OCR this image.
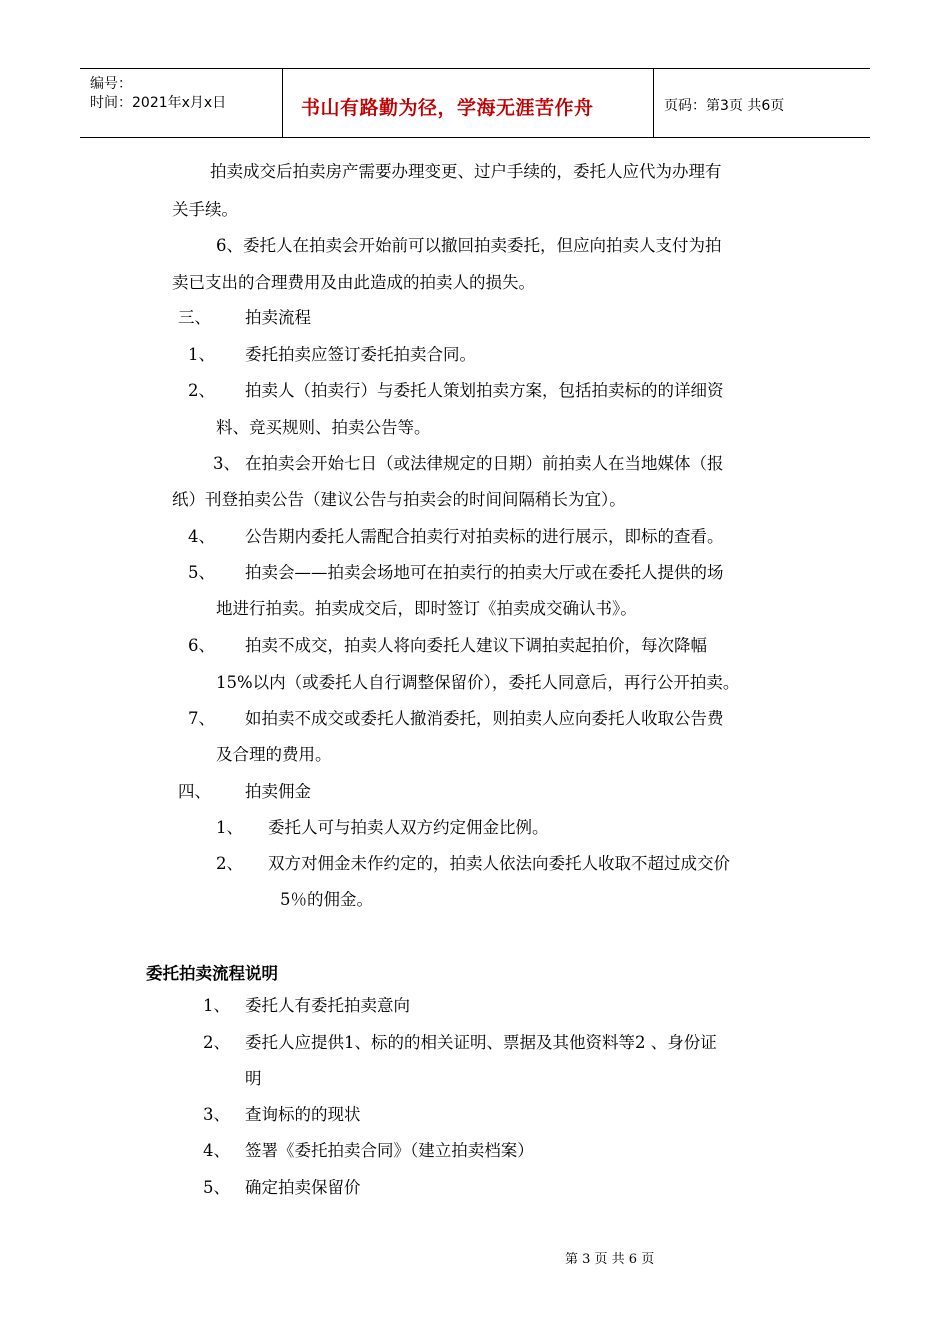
编号：
时间：2021年x月x日	书山有路勤为径，学海无涯苦作舟	页码：第3页 共6页
拍卖成交后拍卖房产需要办理变更、过户手续的，委托人应代为办理有
关手续。
6、委托人在拍卖会开始前可以撤回拍卖委托，但应向拍卖人支付为拍
卖已支出的合理费用及由此造成的拍卖人的损失。
三、 拍卖流程
1、 委托拍卖应签订委托拍卖合同。
2、 拍卖人（拍卖行）与委托人策划拍卖方案，包括拍卖标的的详细资
料、竞买规则、拍卖公告等。
3、 在拍卖会开始七日（或法律规定的日期）前拍卖人在当地媒体（报
纸）刊登拍卖公告（建议公告与拍卖会的时间间隔稍长为宜）。
4、 公告期内委托人需配合拍卖行对拍卖标的进行展示，即标的查看。
5、 拍卖会——拍卖会场地可在拍卖行的拍卖大厅或在委托人提供的场
地进行拍卖。拍卖成交后，即时签订《拍卖成交确认书》。
6、 拍卖不成交，拍卖人将向委托人建议下调拍卖起拍价，每次降幅
15%以内（或委托人自行调整保留价），委托人同意后，再行公开拍卖。
7、 如拍卖不成交或委托人撤消委托，则拍卖人应向委托人收取公告费
及合理的费用。
四、 拍卖佣金
1、 委托人可与拍卖人双方约定佣金比例。
2、 双方对佣金未作约定的，拍卖人依法向委托人收取不超过成交价
5％的佣金。
委托拍卖流程说明
1、 委托人有委托拍卖意向
2、 委托人应提供1、标的的相关证明、票据及其他资料等2 、身份证
明
3、 查询标的的现状
4、 签署《委托拍卖合同》（建立拍卖档案）
5、 确定拍卖保留价
第 3 页 共 6 页
